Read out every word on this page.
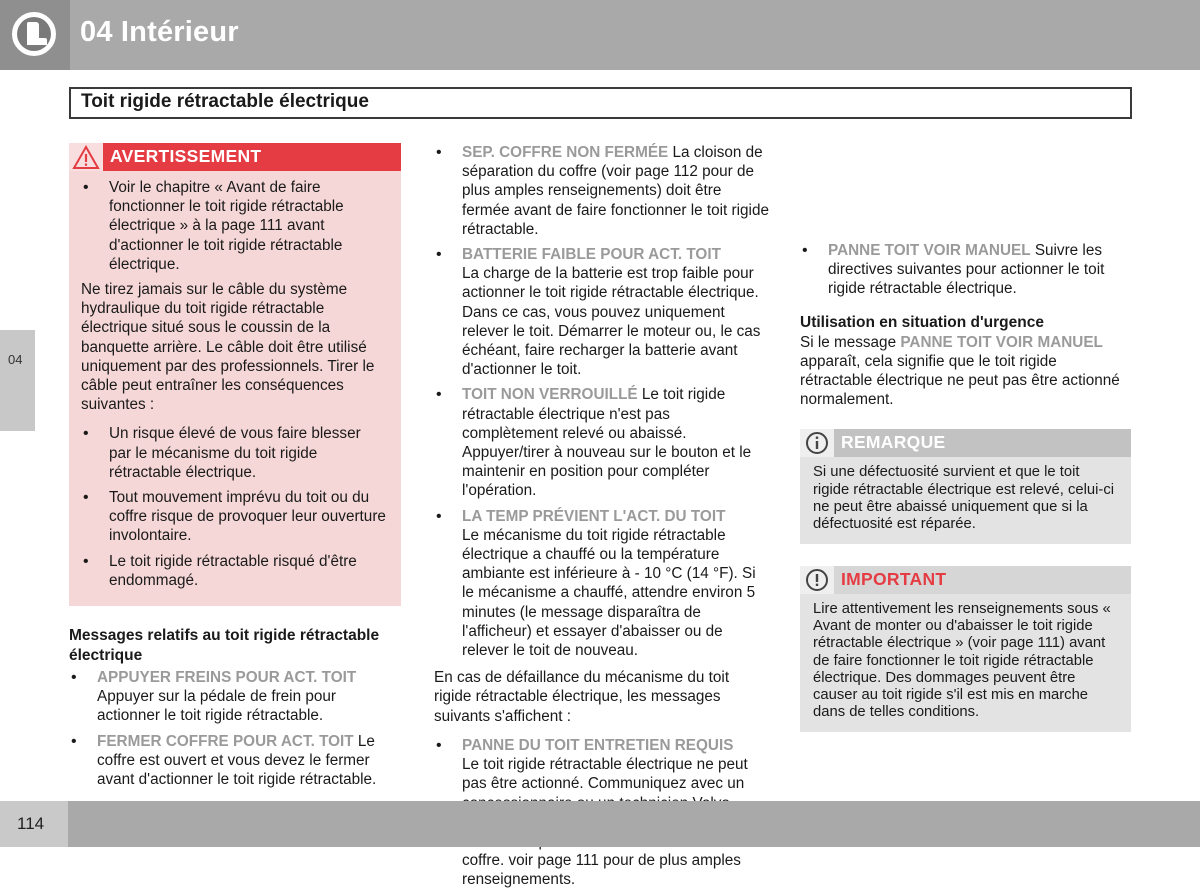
04 Intérieur
Toit rigide rétractable électrique
04
AVERTISSEMENT
• Voir le chapitre « Avant de faire fonctionner le toit rigide rétractable électrique » à la page 111 avant d'actionner le toit rigide rétractable électrique.
Ne tirez jamais sur le câble du système hydraulique du toit rigide rétractable électrique situé sous le coussin de la banquette arrière. Le câble doit être utilisé uniquement par des professionnels. Tirer le câble peut entraîner les conséquences suivantes :
• Un risque élevé de vous faire blesser par le mécanisme du toit rigide rétractable électrique.
• Tout mouvement imprévu du toit ou du coffre risque de provoquer leur ouverture involontaire.
• Le toit rigide rétractable risqué d'être endommagé.
Messages relatifs au toit rigide rétractable électrique
• APPUYER FREINS POUR ACT. TOIT
Appuyer sur la pédale de frein pour actionner le toit rigide rétractable.
• FERMER COFFRE POUR ACT. TOIT Le coffre est ouvert et vous devez le fermer avant d'actionner le toit rigide rétractable.
• SEP. COFFRE NON FERMÉE La cloison de séparation du coffre (voir page 112 pour de plus amples renseignements) doit être fermée avant de faire fonctionner le toit rigide rétractable.
• BATTERIE FAIBLE POUR ACT. TOIT
La charge de la batterie est trop faible pour actionner le toit rigide rétractable électrique. Dans ce cas, vous pouvez uniquement relever le toit. Démarrer le moteur ou, le cas échéant, faire recharger la batterie avant d'actionner le toit.
• TOIT NON VERROUILLÉ Le toit rigide rétractable électrique n'est pas complètement relevé ou abaissé. Appuyer/tirer à nouveau sur le bouton et le maintenir en position pour compléter l'opération.
• LA TEMP PRÉVIENT L'ACT. DU TOIT
Le mécanisme du toit rigide rétractable électrique a chauffé ou la température ambiante est inférieure à - 10 °C (14 °F). Si le mécanisme a chauffé, attendre environ 5 minutes (le message disparaîtra de l'afficheur) et essayer d'abaisser ou de relever le toit de nouveau.
En cas de défaillance du mécanisme du toit rigide rétractable électrique, les messages suivants s'affichent :
• PANNE DU TOIT ENTRETIEN REQUIS
Le toit rigide rétractable électrique ne peut pas être actionné. Communiquez avec un coffre. voir page 111 pour de plus amples renseignements.
• PANNE TOIT VOIR MANUEL Suivre les directives suivantes pour actionner le toit rigide rétractable électrique.
Utilisation en situation d'urgence
Si le message PANNE TOIT VOIR MANUEL apparaît, cela signifie que le toit rigide rétractable électrique ne peut pas être actionné normalement.
REMARQUE
Si une défectuosité survient et que le toit rigide rétractable électrique est relevé, celui-ci ne peut être abaissé uniquement que si la défectuosité est réparée.
IMPORTANT
Lire attentivement les renseignements sous « Avant de monter ou d'abaisser le toit rigide rétractable électrique » (voir page 111) avant de faire fonctionner le toit rigide rétractable électrique. Des dommages peuvent être causer au toit rigide s'il est mis en marche dans de telles conditions.
114
